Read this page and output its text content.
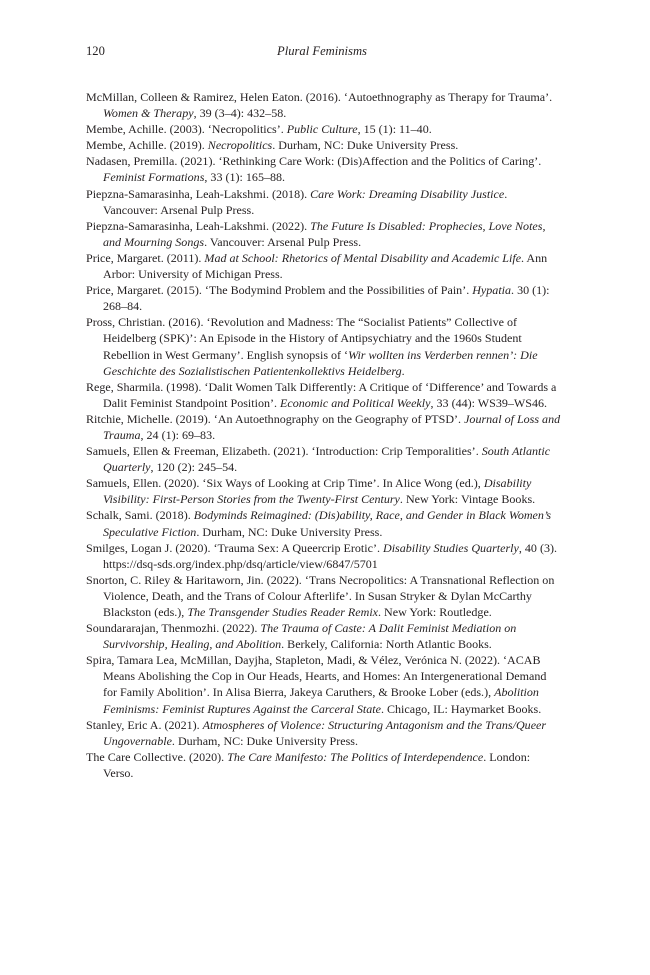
120	Plural Feminisms
McMillan, Colleen & Ramirez, Helen Eaton. (2016). ‘Autoethnography as Therapy for Trauma’. Women & Therapy, 39 (3–4): 432–58.
Membe, Achille. (2003). ‘Necropolitics’. Public Culture, 15 (1): 11–40.
Membe, Achille. (2019). Necropolitics. Durham, NC: Duke University Press.
Nadasen, Premilla. (2021). ‘Rethinking Care Work: (Dis)Affection and the Politics of Caring’. Feminist Formations, 33 (1): 165–88.
Piepzna-Samarasinha, Leah-Lakshmi. (2018). Care Work: Dreaming Disability Justice. Vancouver: Arsenal Pulp Press.
Piepzna-Samarasinha, Leah-Lakshmi. (2022). The Future Is Disabled: Prophecies, Love Notes, and Mourning Songs. Vancouver: Arsenal Pulp Press.
Price, Margaret. (2011). Mad at School: Rhetorics of Mental Disability and Academic Life. Ann Arbor: University of Michigan Press.
Price, Margaret. (2015). ‘The Bodymind Problem and the Possibilities of Pain’. Hypatia. 30 (1): 268–84.
Pross, Christian. (2016). ‘Revolution and Madness: The “Socialist Patients” Collective of Heidelberg (SPK)’: An Episode in the History of Antipsychiatry and the 1960s Student Rebellion in West Germany’. English synopsis of ‘Wir wollten ins Verderben rennen’: Die Geschichte des Sozialistischen Patientenkollektivs Heidelberg.
Rege, Sharmila. (1998). ‘Dalit Women Talk Differently: A Critique of ‘Difference’ and Towards a Dalit Feminist Standpoint Position’. Economic and Political Weekly, 33 (44): WS39–WS46.
Ritchie, Michelle. (2019). ‘An Autoethnography on the Geography of PTSD’. Journal of Loss and Trauma, 24 (1): 69–83.
Samuels, Ellen & Freeman, Elizabeth. (2021). ‘Introduction: Crip Temporalities’. South Atlantic Quarterly, 120 (2): 245–54.
Samuels, Ellen. (2020). ‘Six Ways of Looking at Crip Time’. In Alice Wong (ed.), Disability Visibility: First-Person Stories from the Twenty-First Century. New York: Vintage Books.
Schalk, Sami. (2018). Bodyminds Reimagined: (Dis)ability, Race, and Gender in Black Women’s Speculative Fiction. Durham, NC: Duke University Press.
Smilges, Logan J. (2020). ‘Trauma Sex: A Queercrip Erotic’. Disability Studies Quarterly, 40 (3). https://dsq-sds.org/index.php/dsq/article/view/6847/5701
Snorton, C. Riley & Haritaworn, Jin. (2022). ‘Trans Necropolitics: A Transnational Reflection on Violence, Death, and the Trans of Colour Afterlife’. In Susan Stryker & Dylan McCarthy Blackston (eds.), The Transgender Studies Reader Remix. New York: Routledge.
Soundararajan, Thenmozhi. (2022). The Trauma of Caste: A Dalit Feminist Mediation on Survivorship, Healing, and Abolition. Berkely, California: North Atlantic Books.
Spira, Tamara Lea, McMillan, Dayjha, Stapleton, Madi, & Vélez, Verónica N. (2022). ‘ACAB Means Abolishing the Cop in Our Heads, Hearts, and Homes: An Intergenerational Demand for Family Abolition’. In Alisa Bierra, Jakeya Caruthers, & Brooke Lober (eds.), Abolition Feminisms: Feminist Ruptures Against the Carceral State. Chicago, IL: Haymarket Books.
Stanley, Eric A. (2021). Atmospheres of Violence: Structuring Antagonism and the Trans/Queer Ungovernable. Durham, NC: Duke University Press.
The Care Collective. (2020). The Care Manifesto: The Politics of Interdependence. London: Verso.
